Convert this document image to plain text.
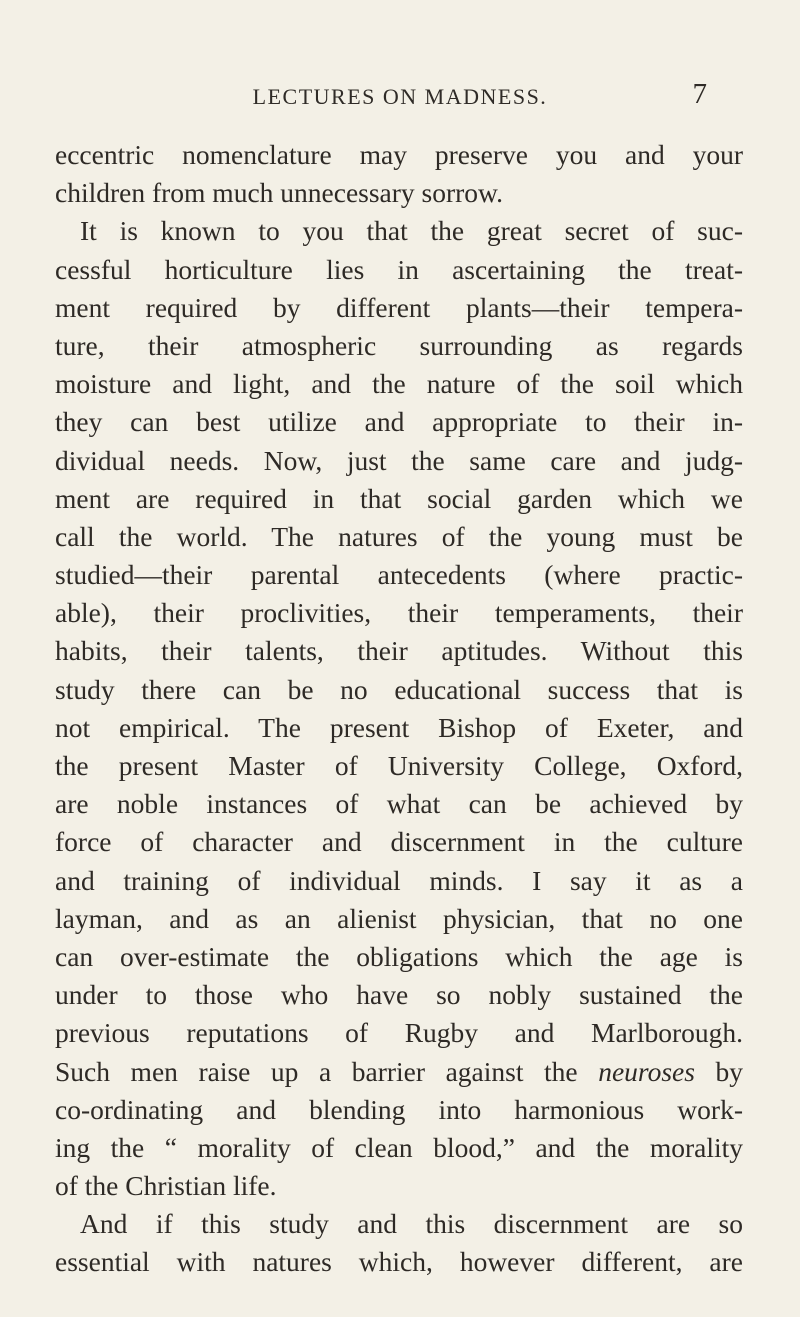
LECTURES ON MADNESS.	7
eccentric nomenclature may preserve you and your
children from much unnecessary sorrow.
It is known to you that the great secret of suc-
cessful horticulture lies in ascertaining the treat-
ment required by different plants—their tempera-
ture, their atmospheric surrounding as regards
moisture and light, and the nature of the soil which
they can best utilize and appropriate to their in-
dividual needs. Now, just the same care and judg-
ment are required in that social garden which we
call the world. The natures of the young must be
studied—their parental antecedents (where practic-
able), their proclivities, their temperaments, their
habits, their talents, their aptitudes. Without this
study there can be no educational success that is
not empirical. The present Bishop of Exeter, and
the present Master of University College, Oxford,
are noble instances of what can be achieved by
force of character and discernment in the culture
and training of individual minds. I say it as a
layman, and as an alienist physician, that no one
can over-estimate the obligations which the age is
under to those who have so nobly sustained the
previous reputations of Rugby and Marlborough.
Such men raise up a barrier against the neuroses by
co-ordinating and blending into harmonious work-
ing the “ morality of clean blood,” and the morality
of the Christian life.
And if this study and this discernment are so
essential with natures which, however different, are
